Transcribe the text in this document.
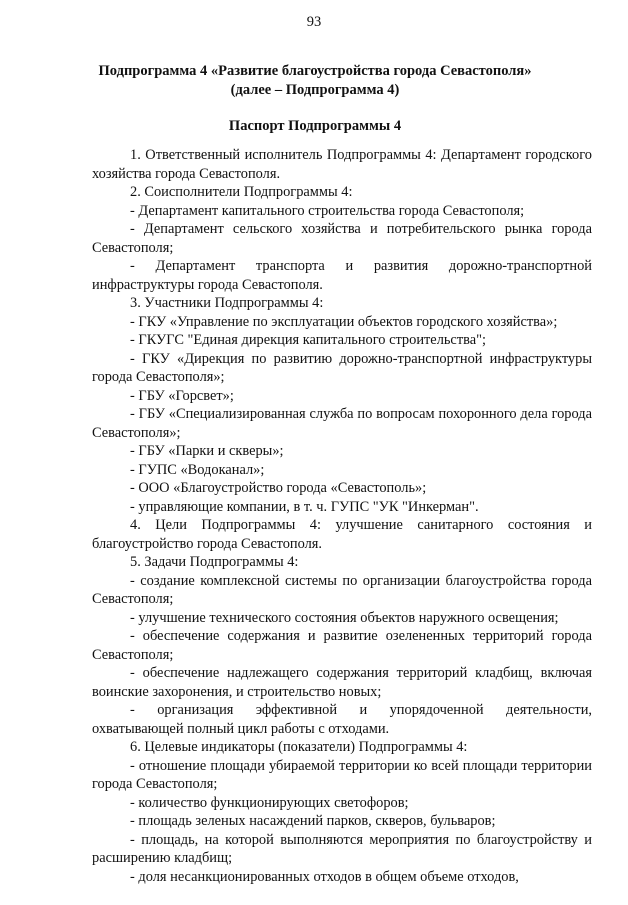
93
Подпрограмма 4 «Развитие благоустройства города Севастополя»
(далее – Подпрограмма 4)
Паспорт Подпрограммы 4

1. Ответственный исполнитель Подпрограммы 4: Департамент городского хозяйства города Севастополя.

2. Соисполнители Подпрограммы 4:

- Департамент капитального строительства города Севастополя;

- Департамент сельского хозяйства и потребительского рынка города Севастополя;

- Департамент транспорта и развития дорожно-транспортной инфраструктуры города Севастополя.

3. Участники Подпрограммы 4:

- ГКУ «Управление по эксплуатации объектов городского хозяйства»;

- ГКУГС "Единая дирекция капитального строительства";

- ГКУ «Дирекция по развитию дорожно-транспортной инфраструктуры города Севастополя»;

- ГБУ «Горсвет»;

- ГБУ «Специализированная служба по вопросам похоронного дела города Севастополя»;

- ГБУ «Парки и скверы»;

- ГУПС «Водоканал»;

- ООО «Благоустройство города «Севастополь»;

- управляющие компании, в т. ч. ГУПС "УК "Инкерман".

4. Цели Подпрограммы 4: улучшение санитарного состояния и благоустройство города Севастополя.

5. Задачи Подпрограммы 4:

- создание комплексной системы по организации благоустройства города Севастополя;

- улучшение технического состояния объектов наружного освещения;

- обеспечение содержания и развитие озелененных территорий города Севастополя;

- обеспечение надлежащего содержания территорий кладбищ, включая воинские захоронения, и строительство новых;

- организация эффективной и упорядоченной деятельности, охватывающей полный цикл работы с отходами.

6. Целевые индикаторы (показатели) Подпрограммы 4:

- отношение площади убираемой территории ко всей площади территории города Севастополя;

- количество функционирующих светофоров;

- площадь зеленых насаждений парков, скверов, бульваров;

- площадь, на которой выполняются мероприятия по благоустройству и расширению кладбищ;

- доля несанкционированных отходов в общем объеме отходов,
